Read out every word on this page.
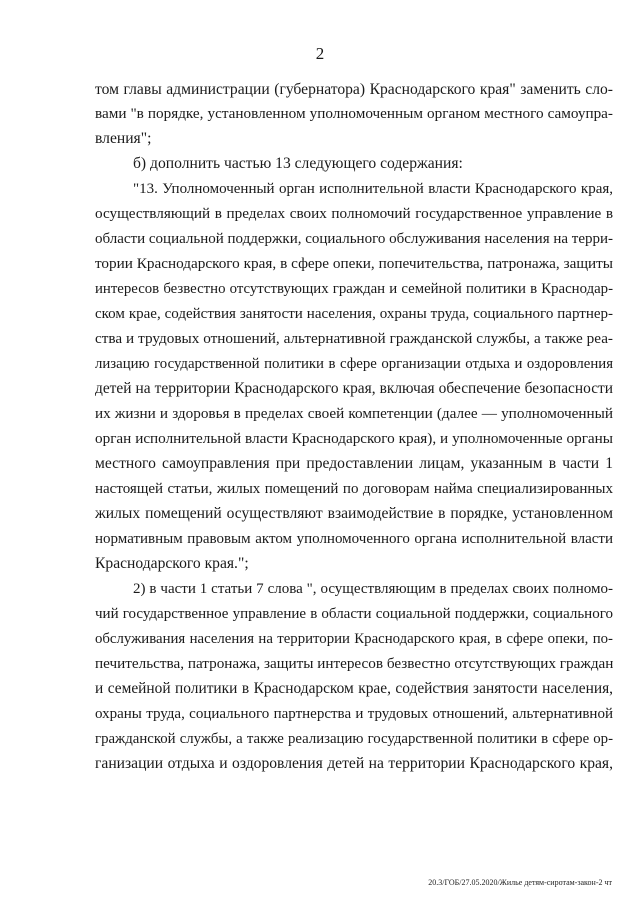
2
том главы администрации (губернатора) Краснодарского края" заменить сло-
вами "в порядке, установленном уполномоченным органом местного самоупра-
вления";
б) дополнить частью 13 следующего содержания:
"13. Уполномоченный орган исполнительной власти Краснодарского края,
осуществляющий в пределах своих полномочий государственное управление в
области социальной поддержки, социального обслуживания населения на терри-
тории Краснодарского края, в сфере опеки, попечительства, патронажа, защиты
интересов безвестно отсутствующих граждан и семейной политики в Краснодар-
ском крае, содействия занятости населения, охраны труда, социального партнер-
ства и трудовых отношений, альтернативной гражданской службы, а также реа-
лизацию государственной политики в сфере организации отдыха и оздоровления
детей на территории Краснодарского края, включая обеспечение безопасности
их жизни и здоровья в пределах своей компетенции (далее — уполномоченный
орган исполнительной власти Краснодарского края), и уполномоченные органы
местного самоуправления при предоставлении лицам, указанным в части 1
настоящей статьи, жилых помещений по договорам найма специализированных
жилых помещений осуществляют взаимодействие в порядке, установленном
нормативным правовым актом уполномоченного органа исполнительной власти
Краснодарского края.";
2) в части 1 статьи 7 слова ", осуществляющим в пределах своих полномо-
чий государственное управление в области социальной поддержки, социального
обслуживания населения на территории Краснодарского края, в сфере опеки, по-
печительства, патронажа, защиты интересов безвестно отсутствующих граждан
и семейной политики в Краснодарском крае, содействия занятости населения,
охраны труда, социального партнерства и трудовых отношений, альтернативной
гражданской службы, а также реализацию государственной политики в сфере ор-
ганизации отдыха и оздоровления детей на территории Краснодарского края,
20.3/ГОБ/27.05.2020/Жилье детям-сиротам-закон-2 чт
